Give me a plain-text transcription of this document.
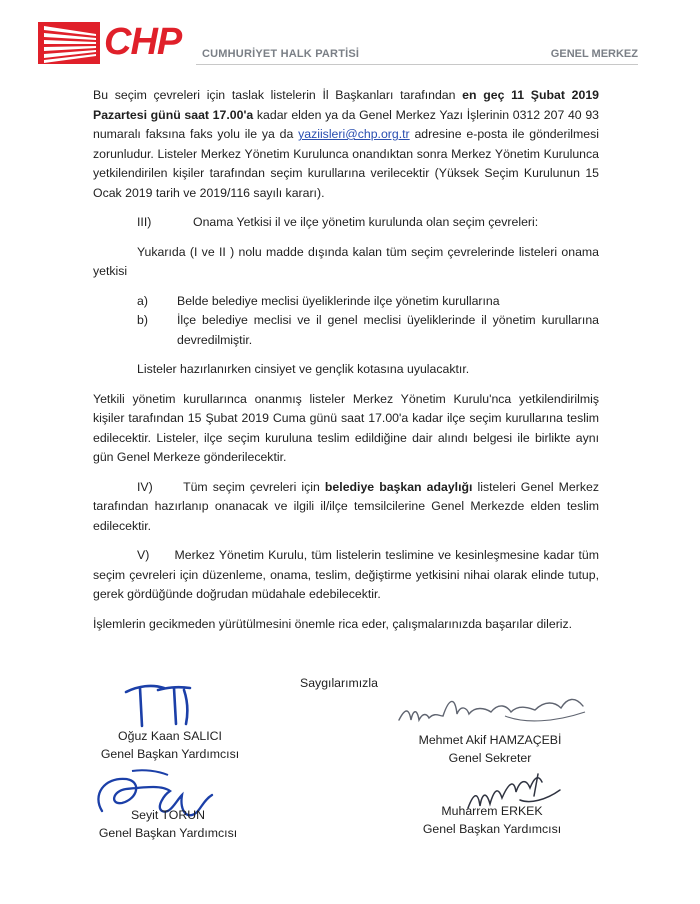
CHP CUMHURİYET HALK PARTİSİ	GENEL MERKEZ

Bu seçim çevreleri için taslak listelerin İl Başkanları tarafından en geç 11 Şubat 2019 Pazartesi günü saat 17.00'a kadar elden ya da Genel Merkez Yazı İşlerinin 0312 207 40 93 numaralı faksına faks yolu ile ya da yaziisleri@chp.org.tr adresine e-posta ile gönderilmesi zorunludur. Listeler Merkez Yönetim Kurulunca onandıktan sonra Merkez Yönetim Kurulunca yetkilendirilen kişiler tarafından seçim kurullarına verilecektir (Yüksek Seçim Kurulunun 15 Ocak 2019 tarih ve 2019/116 sayılı kararı).

III)	Onama Yetkisi il ve ilçe yönetim kurulunda olan seçim çevreleri:

Yukarıda (I ve II ) nolu madde dışında kalan tüm seçim çevrelerinde listeleri onama yetkisi

a)	Belde belediye meclisi üyeliklerinde ilçe yönetim kurullarına
b)	İlçe belediye meclisi ve il genel meclisi üyeliklerinde il yönetim kurullarına devredilmiştir.

Listeler hazırlanırken cinsiyet ve gençlik kotasına uyulacaktır.

Yetkili yönetim kurullarınca onanmış listeler Merkez Yönetim Kurulu'nca yetkilendirilmiş kişiler tarafından 15 Şubat 2019 Cuma günü saat 17.00'a kadar ilçe seçim kurullarına teslim edilecektir. Listeler, ilçe seçim kuruluna teslim edildiğine dair alındı belgesi ile birlikte aynı gün Genel Merkeze gönderilecektir.

IV) Tüm seçim çevreleri için belediye başkan adaylığı listeleri Genel Merkez tarafından hazırlanıp onanacak ve ilgili il/ilçe temsilcilerine Genel Merkezde elden teslim edilecektir.

V) Merkez Yönetim Kurulu, tüm listelerin teslimine ve kesinleşmesine kadar tüm seçim çevreleri için düzenleme, onama, teslim, değiştirme yetkisini nihai olarak elinde tutup, gerek gördüğünde doğrudan müdahale edebilecektir.

İşlemlerin gecikmeden yürütülmesini önemle rica eder, çalışmalarınızda başarılar dileriz.

Saygılarımızla
Oğuz Kaan SALICI
Genel Başkan Yardımcısı
Mehmet Akif HAMZAÇEBİ
Genel Sekreter
Seyit TORUN
Genel Başkan Yardımcısı
Muharrem ERKEK
Genel Başkan Yardımcısı
